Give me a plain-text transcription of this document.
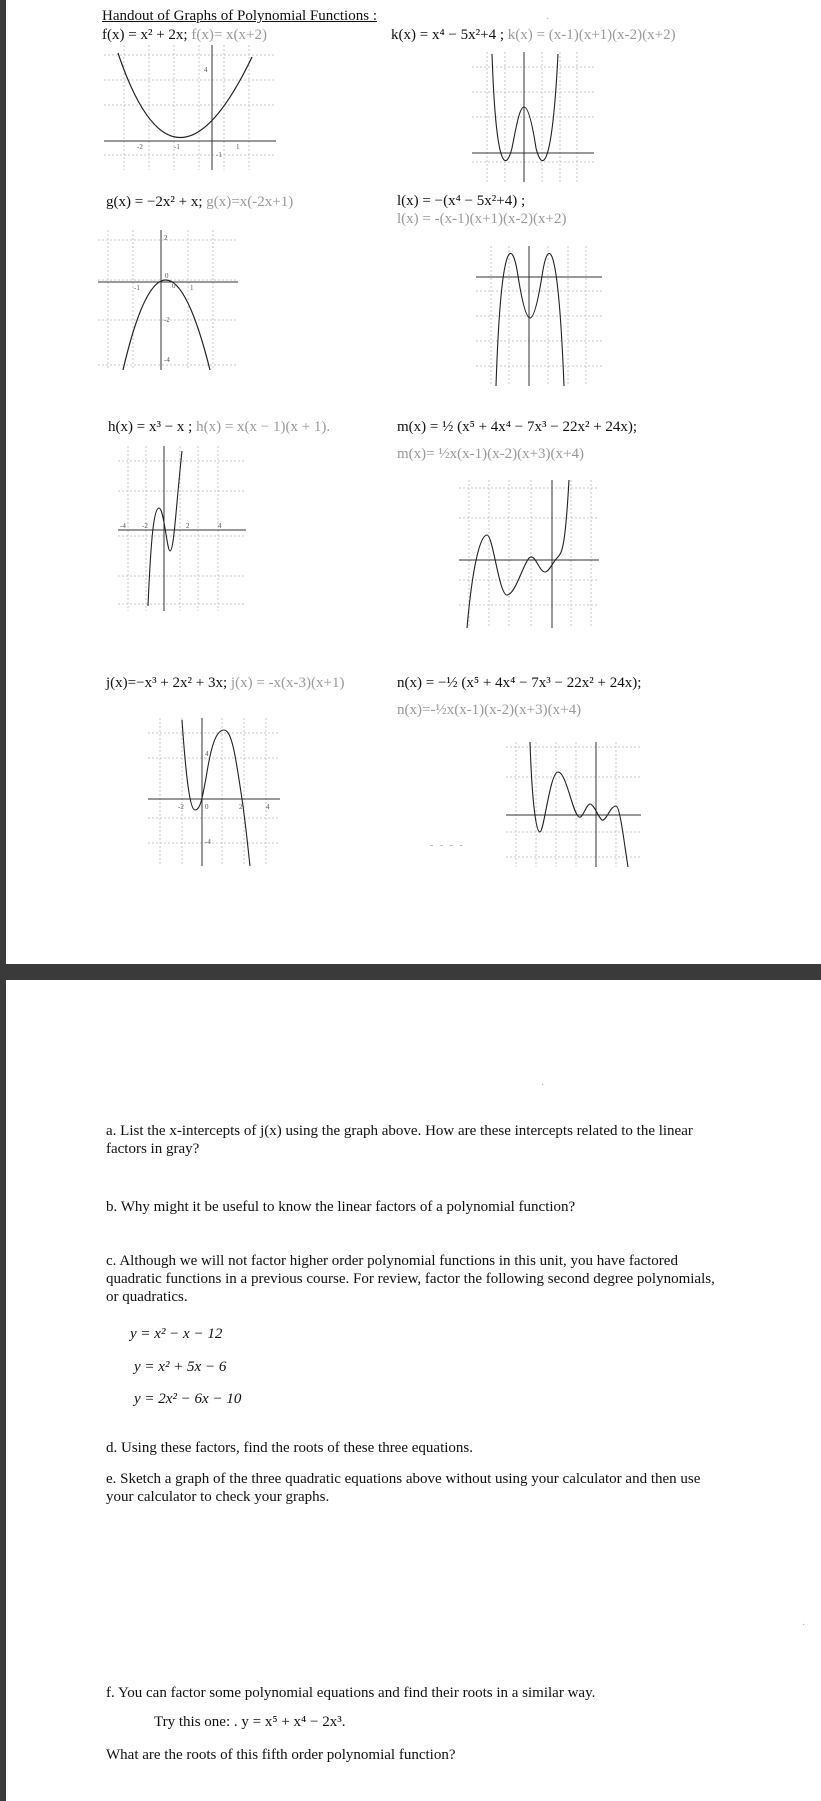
Handout of Graphs of Polynomial Functions :
f(x) = x² + 2x; f(x)= x(x+2)	k(x) = x⁴ − 5x²+4 ; k(x) = (x-1)(x+1)(x-2)(x+2)
4
-2	-1	1
-1
g(x) = −2x² + x; g(x)=x(-2x+1)	l(x) = −(x⁴ − 5x²+4) ;
l(x) = -(x-1)(x+1)(x-2)(x+2)
2
-1
0
0 1
-2
-4
h(x) = x³ − x ; h(x) = x(x − 1)(x + 1).	m(x) = ½ (x⁵ + 4x⁴ − 7x³ − 22x² + 24x);
m(x)= ½x(x-1)(x-2)(x+3)(x+4)
-4 -2	2	4
j(x)=−x³ + 2x² + 3x; j(x) = -x(x-3)(x+1)	n(x) = −½ (x⁵ + 4x⁴ − 7x³ − 22x² + 24x);
n(x)=-½x(x-1)(x-2)(x+3)(x+4)
4
-2	0	2	4
-4
·
- - - -
·
a. List the x-intercepts of j(x) using the graph above. How are these intercepts related to the linear factors in gray?
b. Why might it be useful to know the linear factors of a polynomial function?
c. Although we will not factor higher order polynomial functions in this unit, you have factored quadratic functions in a previous course. For review, factor the following second degree polynomials, or quadratics.
y = x² − x − 12
y = x² + 5x − 6
y = 2x² − 6x − 10
d. Using these factors, find the roots of these three equations.
e. Sketch a graph of the three quadratic equations above without using your calculator and then use your calculator to check your graphs.
f. You can factor some polynomial equations and find their roots in a similar way.
Try this one: . y = x⁵ + x⁴ − 2x³.
What are the roots of this fifth order polynomial function?
·
